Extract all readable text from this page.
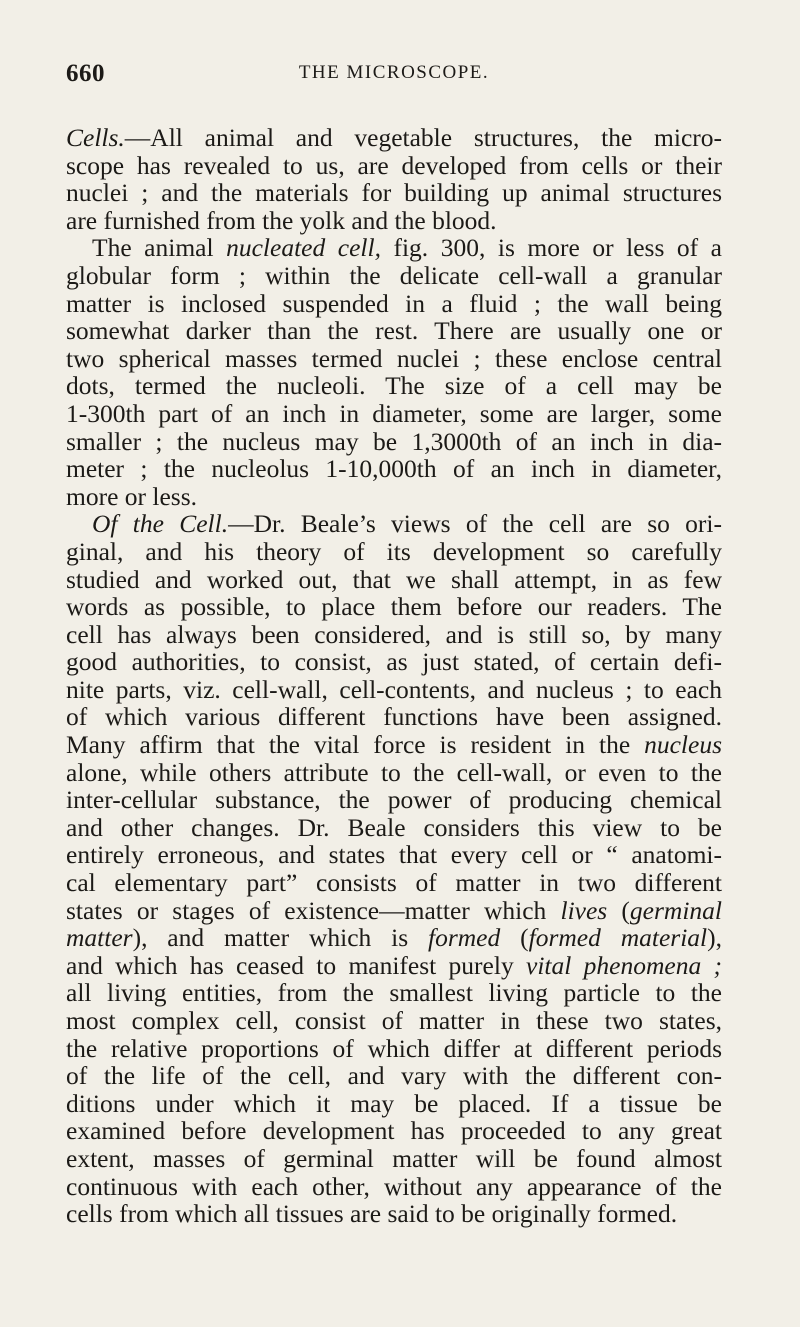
660	THE MICROSCOPE.
Cells.—All animal and vegetable structures, the micro-
scope has revealed to us, are developed from cells or their
nuclei ; and the materials for building up animal structures
are furnished from the yolk and the blood.
The animal nucleated cell, fig. 300, is more or less of a
globular form ; within the delicate cell-wall a granular
matter is inclosed suspended in a fluid ; the wall being
somewhat darker than the rest. There are usually one or
two spherical masses termed nuclei ; these enclose central
dots, termed the nucleoli. The size of a cell may be
1-300th part of an inch in diameter, some are larger, some
smaller ; the nucleus may be 1,3000th of an inch in dia-
meter ; the nucleolus 1-10,000th of an inch in diameter,
more or less.
Of the Cell.—Dr. Beale’s views of the cell are so ori-
ginal, and his theory of its development so carefully
studied and worked out, that we shall attempt, in as few
words as possible, to place them before our readers. The
cell has always been considered, and is still so, by many
good authorities, to consist, as just stated, of certain defi-
nite parts, viz. cell-wall, cell-contents, and nucleus ; to each
of which various different functions have been assigned.
Many affirm that the vital force is resident in the nucleus
alone, while others attribute to the cell-wall, or even to the
inter-cellular substance, the power of producing chemical
and other changes. Dr. Beale considers this view to be
entirely erroneous, and states that every cell or “ anatomi-
cal elementary part” consists of matter in two different
states or stages of existence—matter which lives (germinal
matter), and matter which is formed (formed material),
and which has ceased to manifest purely vital phenomena ;
all living entities, from the smallest living particle to the
most complex cell, consist of matter in these two states,
the relative proportions of which differ at different periods
of the life of the cell, and vary with the different con-
ditions under which it may be placed. If a tissue be
examined before development has proceeded to any great
extent, masses of germinal matter will be found almost
continuous with each other, without any appearance of the
cells from which all tissues are said to be originally formed.
